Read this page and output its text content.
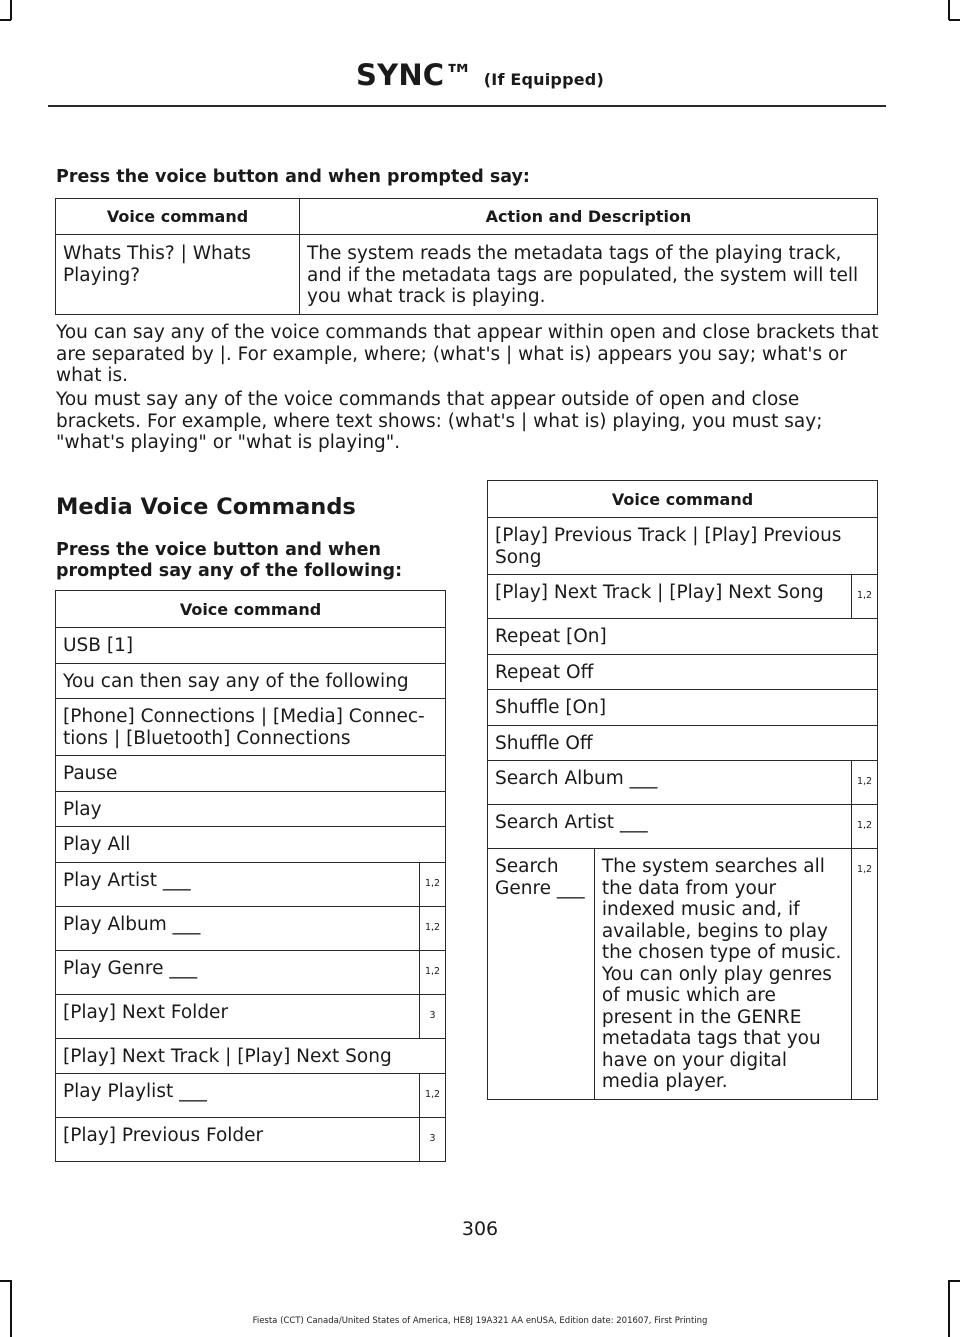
SYNC™ (If Equipped)
Press the voice button and when prompted say:
Voice command	Action and Description
Whats This? | Whats Playing?	The system reads the metadata tags of the playing track, and if the metadata tags are populated, the system will tell you what track is playing.

You can say any of the voice commands that appear within open and close brackets that are separated by |. For example, where; (what's | what is) appears you say; what's or what is.

You must say any of the voice commands that appear outside of open and close brackets. For example, where text shows: (what's | what is) playing, you must say; "what's playing" or "what is playing".

Media Voice Commands
Press the voice button and when prompted say any of the following:
Voice command	
USB [1]	
You can then say any of the following	
[Phone] Connections | [Media] Connec-tions | [Bluetooth] Connections	
Pause	
Play	
Play All	
Play Artist ___	1,2
Play Album ___	1,2
Play Genre ___	1,2
[Play] Next Folder	3
[Play] Next Track | [Play] Next Song	
Play Playlist ___	1,2
[Play] Previous Folder	3
Voice command		
[Play] Previous Track | [Play] Previous Song		
[Play] Next Track | [Play] Next Song		1,2
Repeat [On]		
Repeat Off		
Shuffle [On]		
Shuffle Off		
Search Album ___		1,2
Search Artist ___		1,2
Search Genre ___	The system searches all the data from your indexed music and, if available, begins to play the chosen type of music. You can only play genres of music which are present in the GENRE metadata tags that you have on your digital media player.	1,2
306
Fiesta (CCT) Canada/United States of America, HE8J 19A321 AA enUSA, Edition date: 201607, First Printing
